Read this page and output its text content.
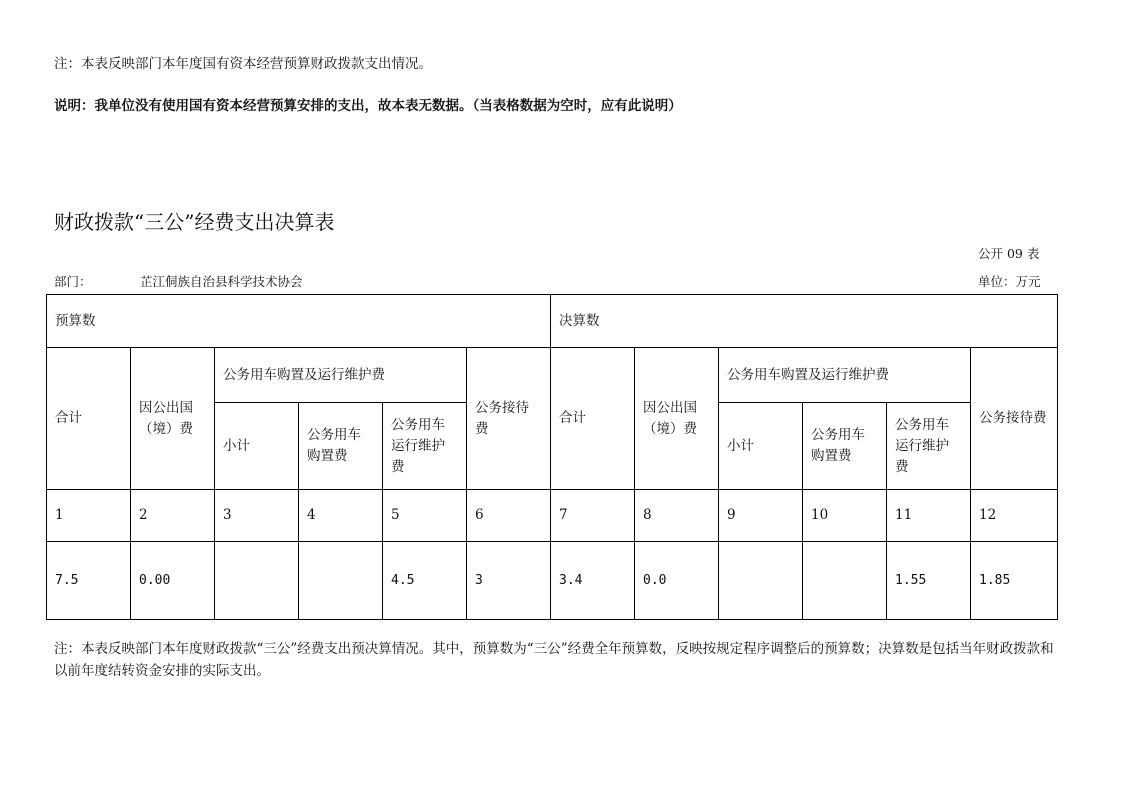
注：本表反映部门本年度国有资本经营预算财政拨款支出情况。
说明：我单位没有使用国有资本经营预算安排的支出，故本表无数据。（当表格数据为空时，应有此说明）
财政拨款“三公”经费支出决算表
公开 09 表
部门：	芷江侗族自治县科学技术协会	单位：万元
预算数						决算数					
合计	因公出国（境）费	公务用车购置及运行维护费			公务接待费	合计	因公出国（境）费	公务用车购置及运行维护费			公务接待费
		小计	公务用车购置费	公务用车运行维护费				小计	公务用车购置费	公务用车运行维护费	
1	2	3	4	5	6	7	8	9	10	11	12
7.5	0.00			4.5	3	3.4	0.0			1.55	1.85
注：本表反映部门本年度财政拨款“三公”经费支出预决算情况。其中，预算数为“三公”经费全年预算数，反映按规定程序调整后的预算数；决算数是包括当年财政拨款和以前年度结转资金安排的实际支出。
